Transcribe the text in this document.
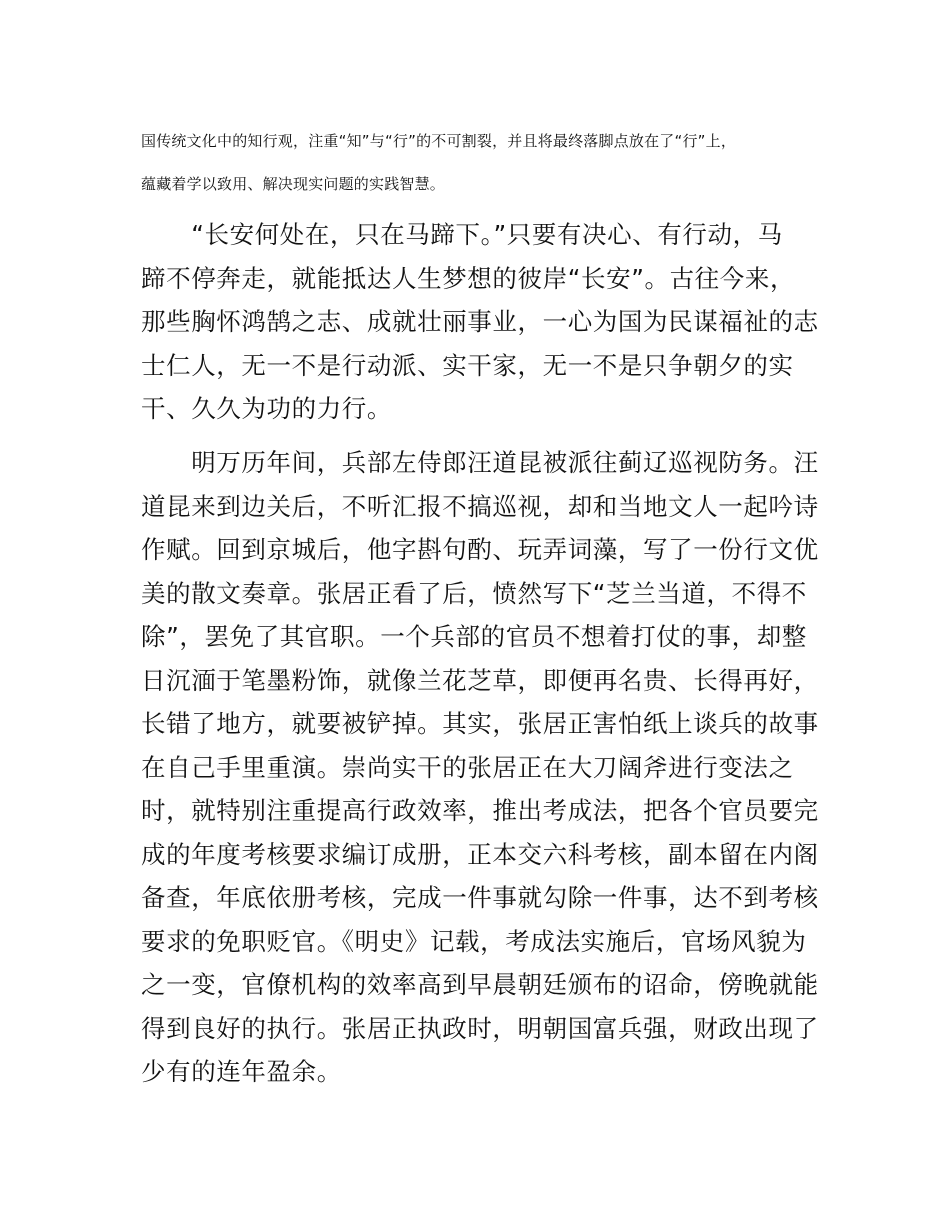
国传统文化中的知行观，注重“知”与“行”的不可割裂，并且将最终落脚点放在了“行”上，
蕴藏着学以致用、解决现实问题的实践智慧。
　　“长安何处在，只在马蹄下。”只要有决心、有行动，马
蹄不停奔走，就能抵达人生梦想的彼岸“长安”。古往今来，
那些胸怀鸿鹄之志、成就壮丽事业，一心为国为民谋福祉的志
士仁人，无一不是行动派、实干家，无一不是只争朝夕的实
干、久久为功的力行。
　　明万历年间，兵部左侍郎汪道昆被派往蓟辽巡视防务。汪
道昆来到边关后，不听汇报不搞巡视，却和当地文人一起吟诗
作赋。回到京城后，他字斟句酌、玩弄词藻，写了一份行文优
美的散文奏章。张居正看了后，愤然写下“芝兰当道，不得不
除”，罢免了其官职。一个兵部的官员不想着打仗的事，却整
日沉湎于笔墨粉饰，就像兰花芝草，即便再名贵、长得再好，
长错了地方，就要被铲掉。其实，张居正害怕纸上谈兵的故事
在自己手里重演。崇尚实干的张居正在大刀阔斧进行变法之
时，就特别注重提高行政效率，推出考成法，把各个官员要完
成的年度考核要求编订成册，正本交六科考核，副本留在内阁
备查，年底依册考核，完成一件事就勾除一件事，达不到考核
要求的免职贬官。《明史》记载，考成法实施后，官场风貌为
之一变，官僚机构的效率高到早晨朝廷颁布的诏命，傍晚就能
得到良好的执行。张居正执政时，明朝国富兵强，财政出现了
少有的连年盈余。
